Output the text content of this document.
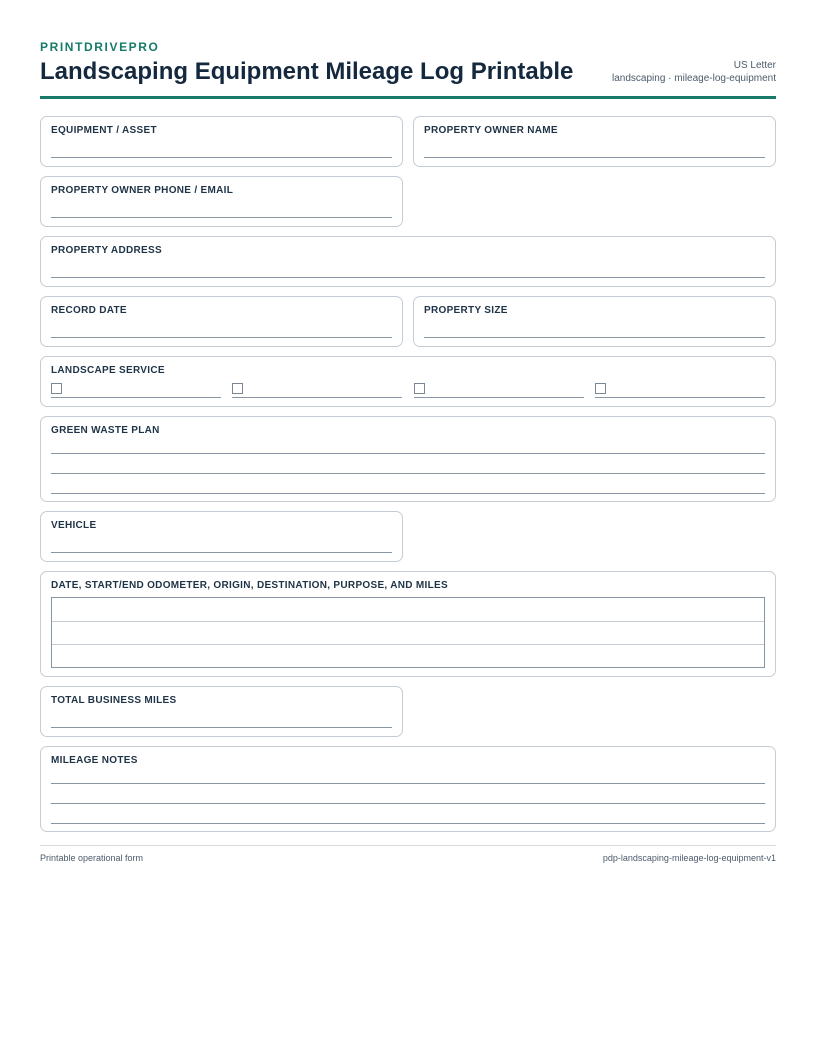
PRINTDRIVEPRO
Landscaping Equipment Mileage Log Printable	US Letter
landscaping · mileage-log-equipment
EQUIPMENT / ASSET	PROPERTY OWNER NAME
PROPERTY OWNER PHONE / EMAIL
PROPERTY ADDRESS
RECORD DATE	PROPERTY SIZE
LANDSCAPE SERVICE
GREEN WASTE PLAN
VEHICLE
DATE, START/END ODOMETER, ORIGIN, DESTINATION, PURPOSE, AND MILES
TOTAL BUSINESS MILES
MILEAGE NOTES
Printable operational form	pdp-landscaping-mileage-log-equipment-v1
